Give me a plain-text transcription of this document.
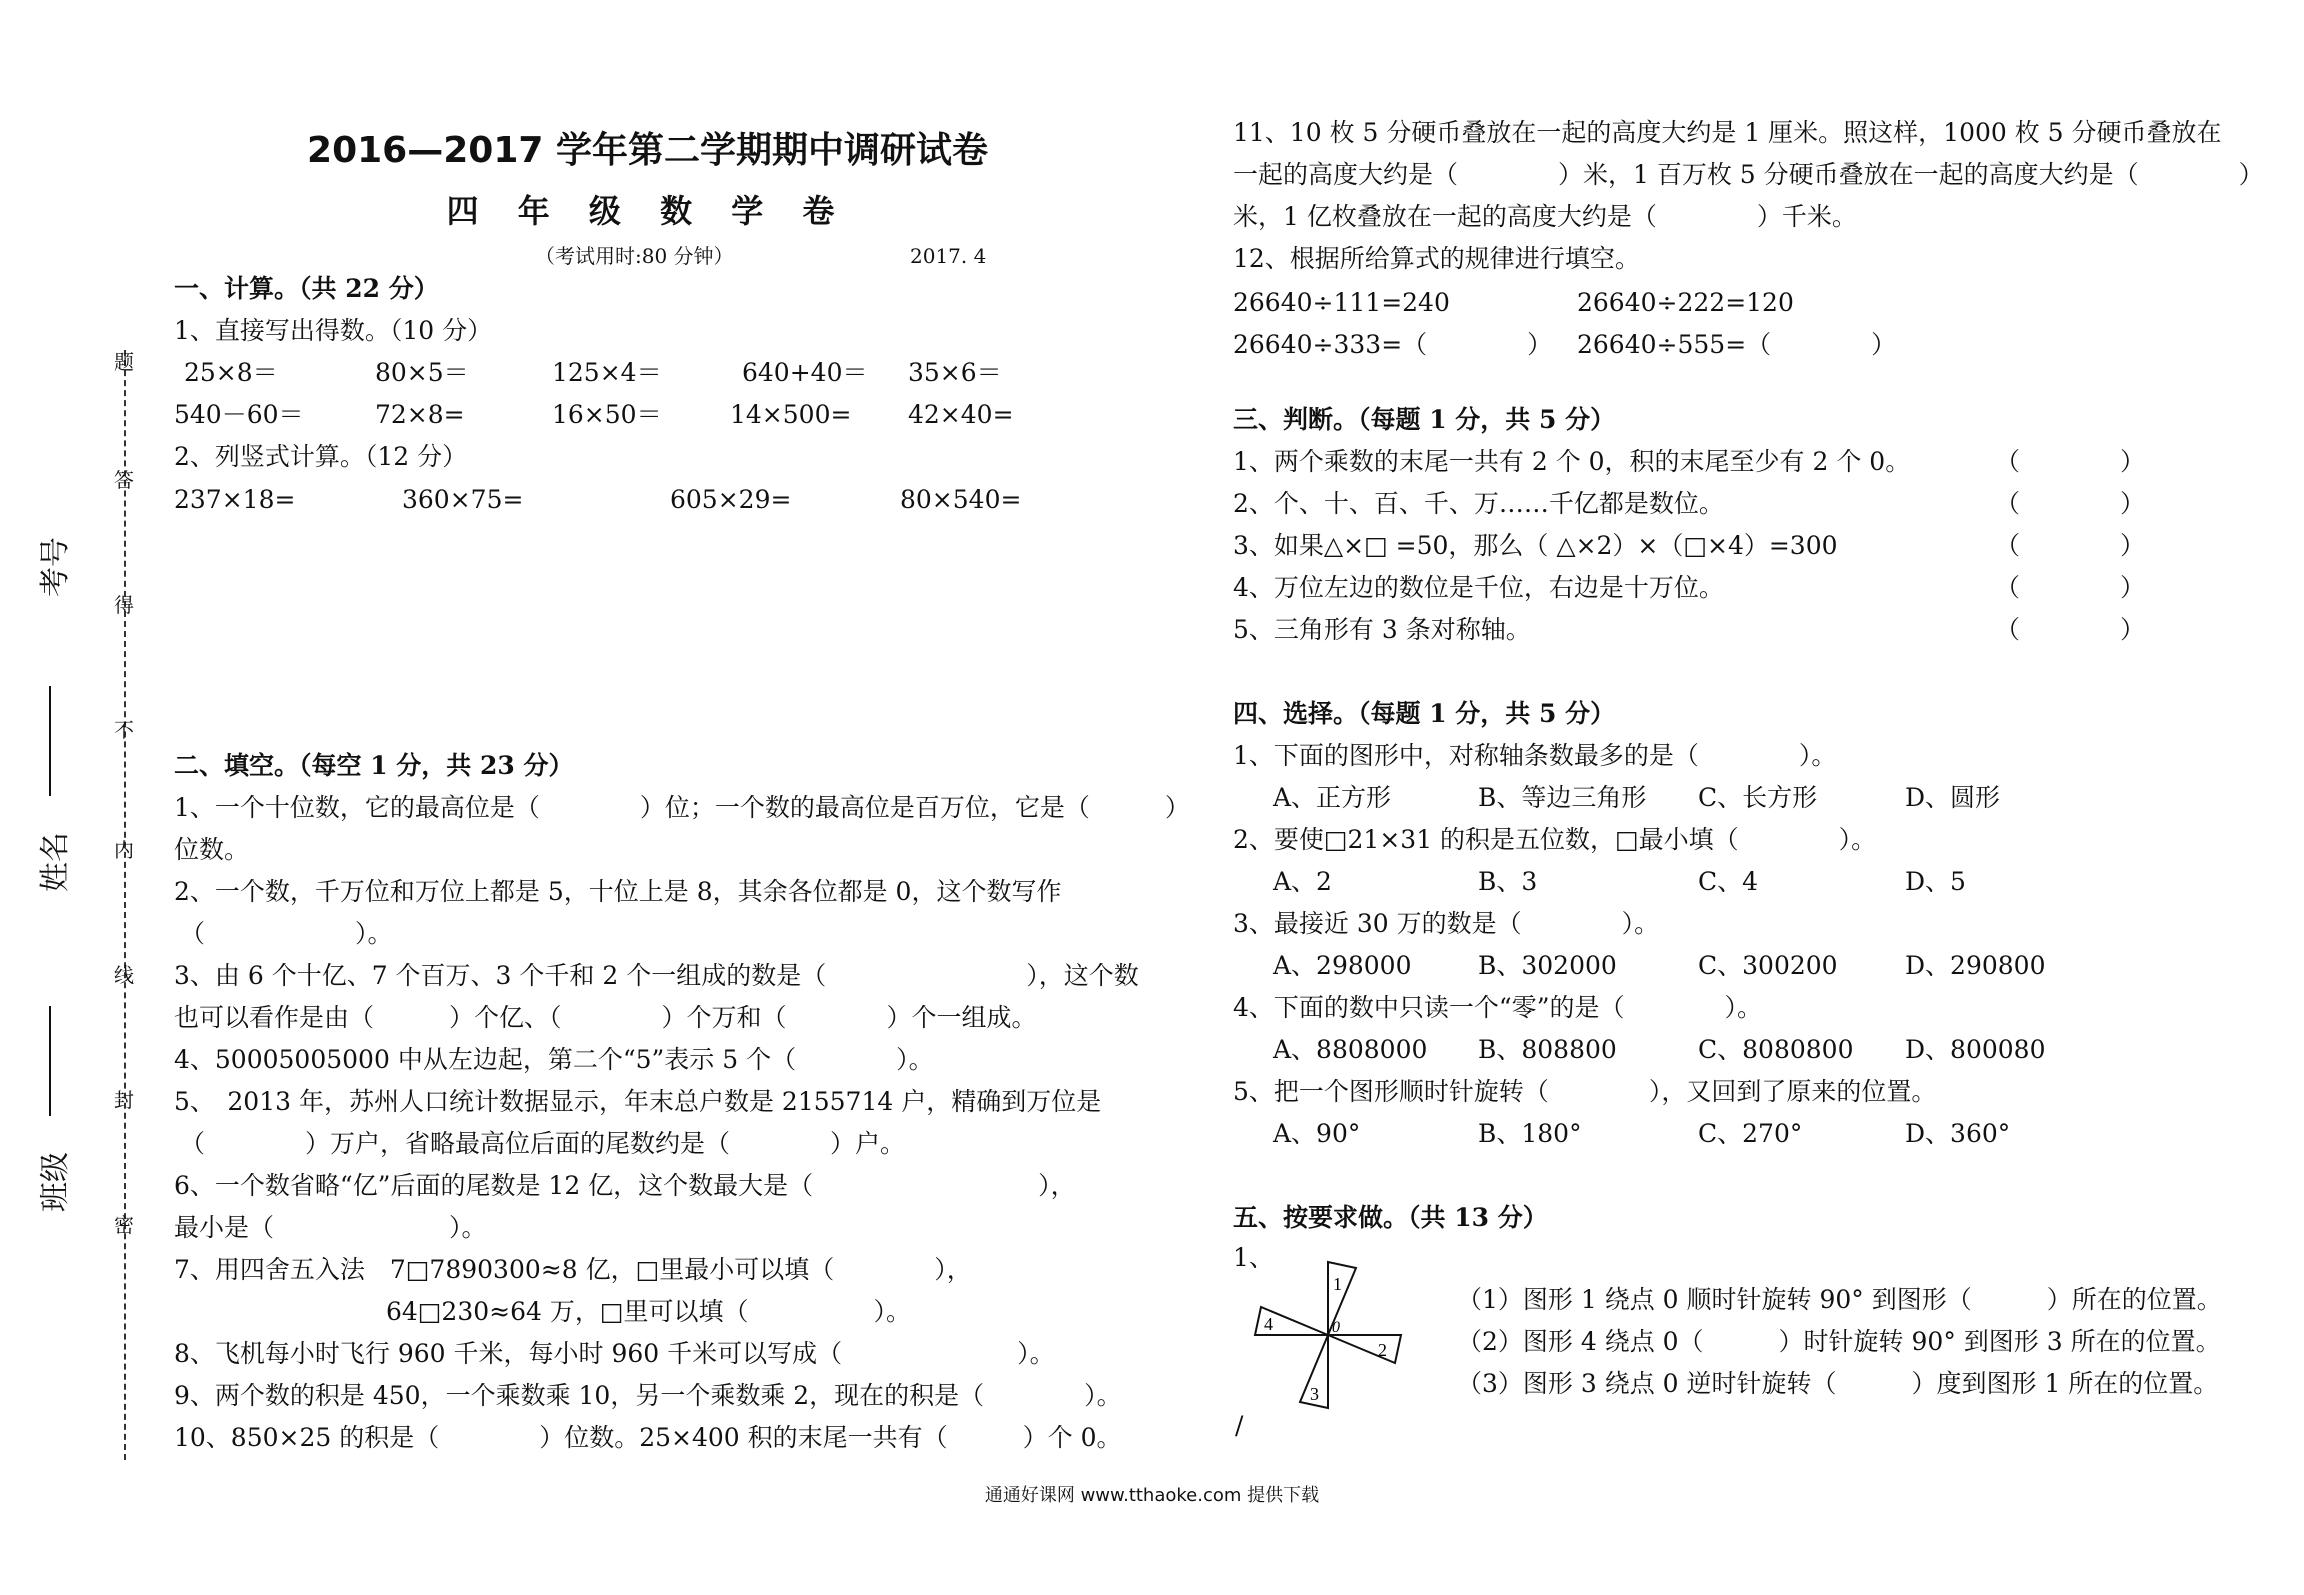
题
答
得
不
内
线
封
密
考号
姓名
班级
2016—2017 学年第二学期期中调研试卷
四 年 级 数 学 卷
（考试用时:80 分钟）	2017. 4
一、计算。（共 22 分）
1、直接写出得数。（10 分）
25×8＝	80×5＝	125×4＝	640+40＝ 35×6＝
540－60＝	72×8=	16×50＝	14×500= 42×40=
2、列竖式计算。（12 分）
237×18=	360×75=	605×29=	80×540=
二、填空。（每空 1 分，共 23 分）
1、一个十位数，它的最高位是（　　　　）位；一个数的最高位是百万位，它是（　　　）
位数。
2、一个数，千万位和万位上都是 5，十位上是 8，其余各位都是 0，这个数写作
（　　　　　　）。
3、由 6 个十亿、7 个百万、3 个千和 2 个一组成的数是（　　　　　　　　），这个数
也可以看作是由（　　　）个亿、（　　　　）个万和（　　　　）个一组成。
4、50005005000 中从左边起，第二个“5”表示 5 个（　　　　）。
5、　2013 年，苏州人口统计数据显示，年末总户数是 2155714 户，精确到万位是
（　　　　）万户，省略最高位后面的尾数约是（　　　　）户。
6、一个数省略“亿”后面的尾数是 12 亿，这个数最大是（　　　　　　　　　），
最小是（　　　　　　　）。
7、用四舍五入法　7□7890300≈8 亿，□里最小可以填（　　　　），
64□230≈64 万，□里可以填（　　　　　）。
8、飞机每小时飞行 960 千米，每小时 960 千米可以写成（　　　　　　　）。
9、两个数的积是 450，一个乘数乘 10，另一个乘数乘 2，现在的积是（　　　　）。
10、850×25 的积是（　　　　）位数。25×400 积的末尾一共有（　　　）个 0。
11、10 枚 5 分硬币叠放在一起的高度大约是 1 厘米。照这样，1000 枚 5 分硬币叠放在
一起的高度大约是（　　　　）米，1 百万枚 5 分硬币叠放在一起的高度大约是（　　　　）
米，1 亿枚叠放在一起的高度大约是（　　　　）千米。
12、根据所给算式的规律进行填空。
26640÷111=240	26640÷222=120
26640÷333=（　　　　） 26640÷555=（　　　　）
三、判断。（每题 1 分，共 5 分）
1、两个乘数的末尾一共有 2 个 0，积的末尾至少有 2 个 0。	（　　　　）
2、个、十、百、千、万……千亿都是数位。	（　　　　）
3、如果△×□ =50，那么（ △×2）×（□×4）=300	（　　　　）
4、万位左边的数位是千位，右边是十万位。	（　　　　）
5、三角形有 3 条对称轴。	（　　　　）
四、选择。（每题 1 分，共 5 分）
1、下面的图形中，对称轴条数最多的是（　　　　）。
A、正方形	B、等边三角形 C、长方形	D、圆形
2、要使□21×31 的积是五位数，□最小填（　　　　）。
A、2	B、3	C、4	D、5
3、最接近 30 万的数是（　　　　）。
A、298000	B、302000	C、300200	D、290800
4、下面的数中只读一个“零”的是（　　　　）。
A、8808000 B、808800	C、8080800 D、800080
5、把一个图形顺时针旋转（　　　　），又回到了原来的位置。
A、90°	B、180°	C、270°	D、360°
五、按要求做。（共 13 分）
1、
1
2
3
4	0
（1）图形 1 绕点 0 顺时针旋转 90° 到图形（　　　）所在的位置。
（2）图形 4 绕点 0（　　　）时针旋转 90° 到图形 3 所在的位置。
（3）图形 3 绕点 0 逆时针旋转（　　　）度到图形 1 所在的位置。
/
通通好课网 www.tthaoke.com 提供下载
